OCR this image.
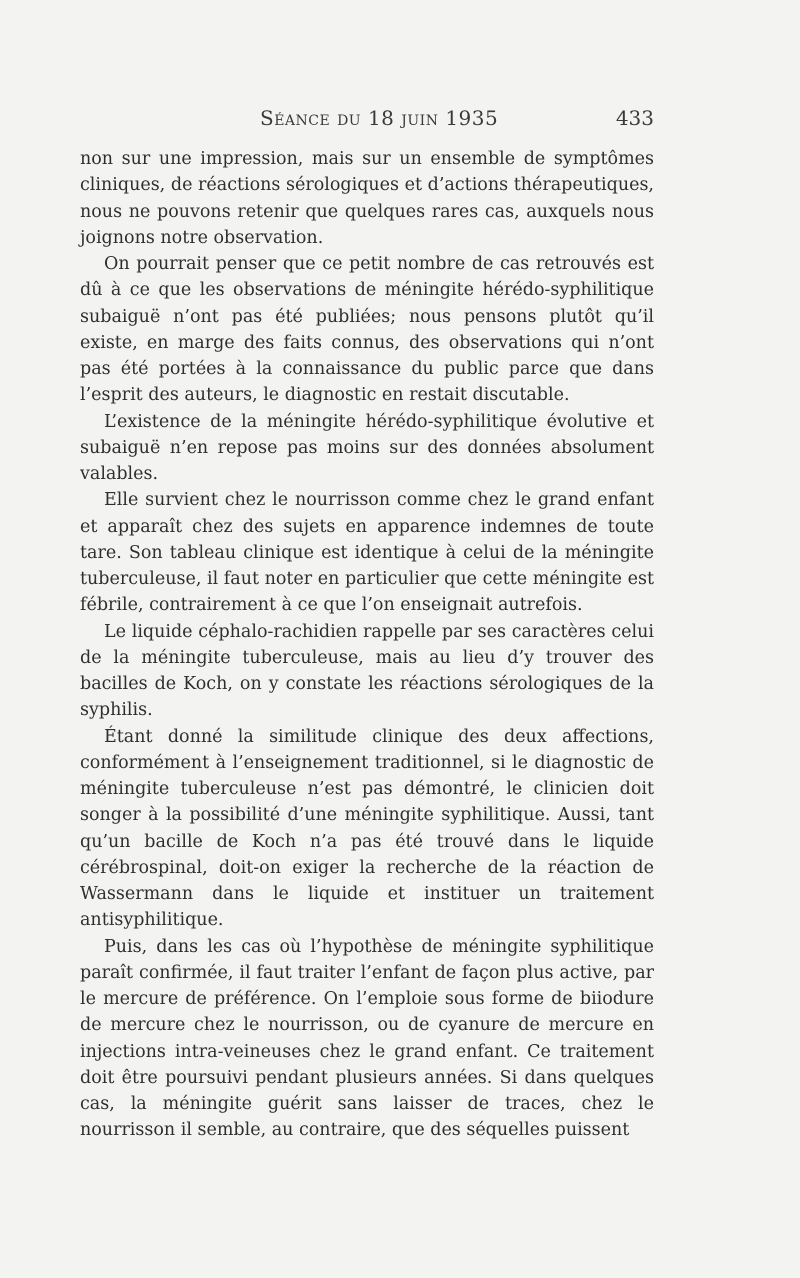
Séance du 18 juin 1935	433

non sur une impression, mais sur un ensemble de symptômes cliniques, de réactions sérologiques et d’actions thérapeutiques, nous ne pouvons retenir que quelques rares cas, auxquels nous joignons notre observation.

On pourrait penser que ce petit nombre de cas retrouvés est dû à ce que les observations de méningite hérédo-syphilitique subaiguë n’ont pas été publiées; nous pensons plutôt qu’il existe, en marge des faits connus, des observations qui n’ont pas été portées à la connaissance du public parce que dans l’esprit des auteurs, le diagnostic en restait discutable.

L’existence de la méningite hérédo-syphilitique évolutive et subaiguë n’en repose pas moins sur des données absolument valables.

Elle survient chez le nourrisson comme chez le grand enfant et apparaît chez des sujets en apparence indemnes de toute tare. Son tableau clinique est identique à celui de la méningite tuberculeuse, il faut noter en particulier que cette méningite est fébrile, contrairement à ce que l’on enseignait autrefois.

Le liquide céphalo-rachidien rappelle par ses caractères celui de la méningite tuberculeuse, mais au lieu d’y trouver des bacilles de Koch, on y constate les réactions sérologiques de la syphilis.

Étant donné la similitude clinique des deux affections, conformément à l’enseignement traditionnel, si le diagnostic de méningite tuberculeuse n’est pas démontré, le clinicien doit songer à la possibilité d’une méningite syphilitique. Aussi, tant qu’un bacille de Koch n’a pas été trouvé dans le liquide cérébrospinal, doit-on exiger la recherche de la réaction de Wassermann dans le liquide et instituer un traitement antisyphilitique.

Puis, dans les cas où l’hypothèse de méningite syphilitique paraît confirmée, il faut traiter l’enfant de façon plus active, par le mercure de préférence. On l’emploie sous forme de biiodure de mercure chez le nourrisson, ou de cyanure de mercure en injections intra-veineuses chez le grand enfant. Ce traitement doit être poursuivi pendant plusieurs années. Si dans quelques cas, la méningite guérit sans laisser de traces, chez le nourrisson il semble, au contraire, que des séquelles puissent
